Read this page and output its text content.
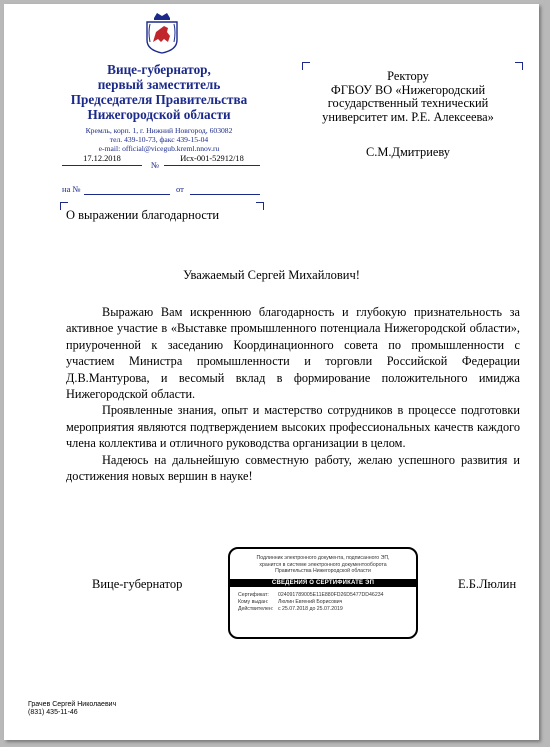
Вице-губернатор,
первый заместитель
Председателя Правительства
Нижегородской области
Кремль, корп. 1, г. Нижний Новгород, 603082
тел. 439-10-73, факс 439-15-04
e-mail: official@vicegub.kreml.nnov.ru
17.12.2018
№
Исх-001-52912/18
на №	от
Ректору
ФГБОУ ВО «Нижегородский
государственный технический
университет им. Р.Е. Алексеева»
С.М.Дмитриеву
О выражении благодарности
Уважаемый Сергей Михайлович!

Выражаю Вам искреннюю благодарность и глубокую признательность за активное участие в «Выставке промышленного потенциала Нижегородской области», приуроченной к заседанию Координационного совета по промышленности с участием Министра промышленности и торговли Российской Федерации Д.В.Мантурова, и весомый вклад в формирование положительного имиджа Нижегородской области.

Проявленные знания, опыт и мастерство сотрудников в процессе подготовки мероприятия являются подтверждением высоких профессиональных качеств каждого члена коллектива и отличного руководства организации в целом.

Надеюсь на дальнейшую совместную работу, желаю успешного развития и достижения новых вершин в науке!

Вице-губернатор	Е.Б.Люлин
Подлинник электронного документа, подписанного ЭП,
хранится в системе электронного документооборота
Правительства Нижегородской области
СВЕДЕНИЯ О СЕРТИФИКАТЕ ЭП
Сертификат:	024091789005E11E880FD26D5477DD46234
Кому выдан:	Люлин Евгений Борисович
Действителен: с 25.07.2018 до 25.07.2019
Грачев Сергей Николаевич
(831) 435-11-46
